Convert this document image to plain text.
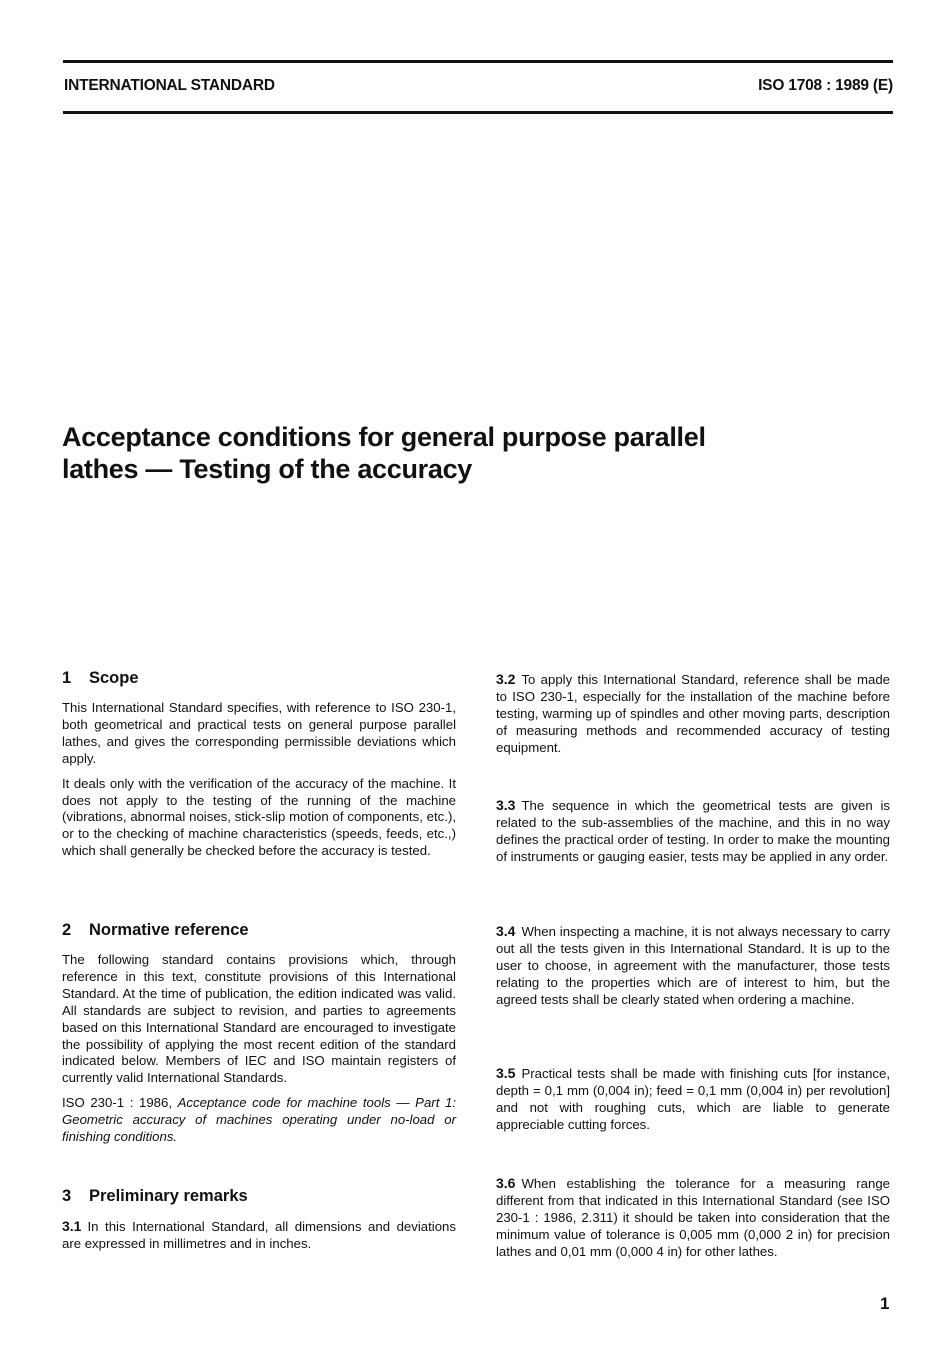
INTERNATIONAL STANDARD	ISO 1708 : 1989 (E)
Acceptance conditions for general purpose parallel
lathes — Testing of the accuracy
1 Scope

This International Standard specifies, with reference to ISO 230-1, both geometrical and practical tests on general purpose parallel lathes, and gives the corresponding permissible deviations which apply.

It deals only with the verification of the accuracy of the machine. It does not apply to the testing of the running of the machine (vibrations, abnormal noises, stick-slip motion of components, etc.), or to the checking of machine characteristics (speeds, feeds, etc.,) which shall generally be checked before the accuracy is tested.

2 Normative reference

The following standard contains provisions which, through reference in this text, constitute provisions of this International Standard. At the time of publication, the edition indicated was valid. All standards are subject to revision, and parties to agreements based on this International Standard are encouraged to investigate the possibility of applying the most recent edition of the standard indicated below. Members of IEC and ISO maintain registers of currently valid International Standards.

ISO 230-1 : 1986, Acceptance code for machine tools — Part 1: Geometric accuracy of machines operating under no-load or finishing conditions.

3 Preliminary remarks

3.1 In this International Standard, all dimensions and deviations are expressed in millimetres and in inches.

3.2 To apply this International Standard, reference shall be made to ISO 230-1, especially for the installation of the machine before testing, warming up of spindles and other moving parts, description of measuring methods and recommended accuracy of testing equipment.

3.3 The sequence in which the geometrical tests are given is related to the sub-assemblies of the machine, and this in no way defines the practical order of testing. In order to make the mounting of instruments or gauging easier, tests may be applied in any order.

3.4 When inspecting a machine, it is not always necessary to carry out all the tests given in this International Standard. It is up to the user to choose, in agreement with the manufacturer, those tests relating to the properties which are of interest to him, but the agreed tests shall be clearly stated when ordering a machine.

3.5 Practical tests shall be made with finishing cuts [for instance, depth = 0,1 mm (0,004 in); feed = 0,1 mm (0,004 in) per revolution] and not with roughing cuts, which are liable to generate appreciable cutting forces.

3.6 When establishing the tolerance for a measuring range different from that indicated in this International Standard (see ISO 230-1 : 1986, 2.311) it should be taken into consideration that the minimum value of tolerance is 0,005 mm (0,000 2 in) for precision lathes and 0,01 mm (0,000 4 in) for other lathes.

1
